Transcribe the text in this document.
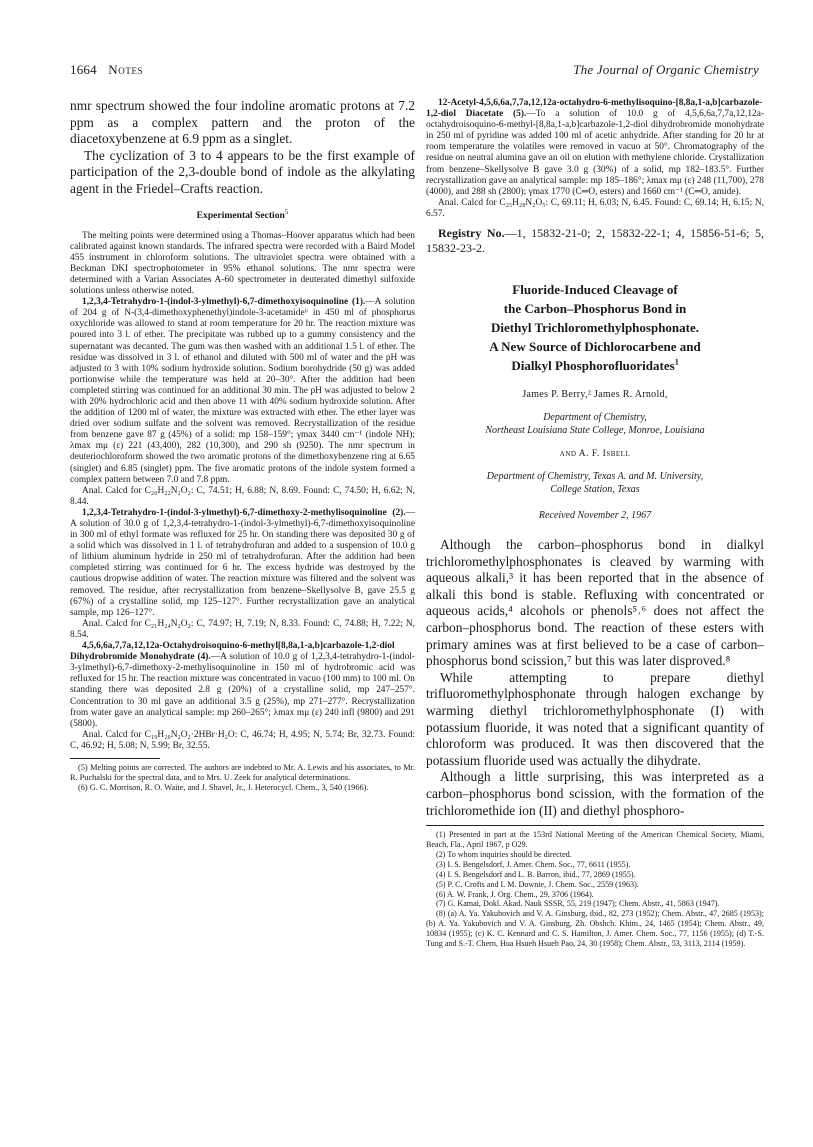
1664 Notes	The Journal of Organic Chemistry

nmr spectrum showed the four indoline aromatic protons at 7.2 ppm as a complex pattern and the proton of the diacetoxybenzene at 6.9 ppm as a singlet.

The cyclization of 3 to 4 appears to be the first example of participation of the 2,3-double bond of indole as the alkylating agent in the Friedel–Crafts reaction.

Experimental Section$^5$

The melting points were determined using a Thomas–Hoover apparatus which had been calibrated against known standards. The infrared spectra were recorded with a Baird Model 455 instrument in chloroform solutions. The ultraviolet spectra were obtained with a Beckman DKI spectrophotometer in 95% ethanol solutions. The nmr spectra were determined with a Varian Associates A-60 spectrometer in deuterated dimethyl sulfoxide solutions unless otherwise noted.

1,2,3,4-Tetrahydro-1-(indol-3-ylmethyl)-6,7-dimethoxyisoquinoline (1).—A solution of 204 g of N-(3,4-dimethoxyphenethyl)indole-3-acetamide⁶ in 450 ml of phosphorus oxychloride was allowed to stand at room temperature for 20 hr. The reaction mixture was poured into 3 l. of ether. The precipitate was rubbed up to a gummy consistency and the supernatant was decanted. The gum was then washed with an additional 1.5 l. of ether. The residue was dissolved in 3 l. of ethanol and diluted with 500 ml of water and the pH was adjusted to 3 with 10% sodium hydroxide solution. Sodium borohydride (50 g) was added portionwise while the temperature was held at 20–30°. After the addition had been completed stirring was continued for an additional 30 min. The pH was adjusted to below 2 with 20% hydrochloric acid and then above 11 with 40% sodium hydroxide solution. After the addition of 1200 ml of water, the mixture was extracted with ether. The ether layer was dried over sodium sulfate and the solvent was removed. Recrystallization of the residue from benzene gave 87 g (45%) of a solid: mp 158–159°; γmax 3440 cm⁻¹ (indole NH); λmax mμ (ε) 221 (43,400), 282 (10,300), and 290 sh (9250). The nmr spectrum in deuteriochloroform showed the two aromatic protons of the dimethoxybenzene ring at 6.65 (singlet) and 6.85 (singlet) ppm. The five aromatic protons of the indole system formed a complex pattern between 7.0 and 7.8 ppm.

Anal. Calcd for C₂₀H₂₂N₂O₂: C, 74.51; H, 6.88; N, 8.69. Found: C, 74.50; H, 6.62; N, 8.44.

1,2,3,4-Tetrahydro-1-(indol-3-ylmethyl)-6,7-dimethoxy-2-methylisoquinoline (2).—A solution of 30.0 g of 1,2,3,4-tetrahydro-1-(indol-3-ylmethyl)-6,7-dimethoxyisoquinoline in 300 ml of ethyl formate was refluxed for 25 hr. On standing there was deposited 30 g of a solid which was dissolved in 1 l. of tetrahydrofuran and added to a suspension of 10.0 g of lithium aluminum hydride in 250 ml of tetrahydrofuran. After the addition had been completed stirring was continued for 6 hr. The excess hydride was destroyed by the cautious dropwise addition of water. The reaction mixture was filtered and the solvent was removed. The residue, after recrystallization from benzene–Skellysolve B, gave 25.5 g (67%) of a crystalline solid, mp 125–127°. Further recrystallization gave an analytical sample, mp 126–127°.

Anal. Calcd for C₂₁H₂₄N₂O₂: C, 74.97; H, 7.19; N, 8.33. Found: C, 74.88; H, 7.22; N, 8.54.

4,5,6,6a,7,7a,12,12a-Octahydroisoquino-6-methyl[8,8a,1-a,b]carbazole-1,2-diol Dihydrobromide Monohydrate (4).—A solution of 10.0 g of 1,2,3,4-tetrahydro-1-(indol-3-ylmethyl)-6,7-dimethoxy-2-methylisoquinoline in 150 ml of hydrobromic acid was refluxed for 15 hr. The reaction mixture was concentrated in vacuo (100 mm) to 100 ml. On standing there was deposited 2.8 g (20%) of a crystalline solid, mp 247–257°. Concentration to 30 ml gave an additional 3.5 g (25%), mp 271–277°. Recrystallization from water gave an analytical sample: mp 260–265°; λmax mμ (ε) 240 infl (9800) and 291 (5800).

Anal. Calcd for C₁₉H₂₀N₂O₂·2HBr·H₂O: C, 46.74; H, 4.95; N, 5.74; Br, 32.73. Found: C, 46.92; H, 5.08; N, 5.99; Br, 32.55.

(5) Melting points are corrected. The authors are indebted to Mr. A. Lewis and his associates, to Mr. R. Puchalski for the spectral data, and to Mrs. U. Zeek for analytical determinations.

(6) G. C. Morrison, R. O. Waite, and J. Shavel, Jr., J. Heterocycl. Chem., 3, 540 (1966).

12-Acetyl-4,5,6,6a,7,7a,12,12a-octahydro-6-methylisoquino-[8,8a,1-a,b]carbazole-1,2-diol Diacetate (5).—To a solution of 10.0 g of 4,5,6,6a,7,7a,12,12a-octahydroisoquino-6-methyl-[8,8a,1-a,b]carbazole-1,2-diol dihydrobromide monohydrate in 250 ml of pyridine was added 100 ml of acetic anhydride. After standing for 20 hr at room temperature the volatiles were removed in vacuo at 50°. Chromatography of the residue on neutral alumina gave an oil on elution with methylene chloride. Crystallization from benzene–Skellysolve B gave 3.0 g (30%) of a solid, mp 182–183.5°. Further recrystallization gave an analytical sample: mp 185–186°; λmax mμ (ε) 248 (11,700), 278 (4000), and 288 sh (2800); γmax 1770 (C═O, esters) and 1660 cm⁻¹ (C═O, amide).

Anal. Calcd for C₂₅H₂₈N₂O₅: C, 69.11; H, 6.03; N, 6.45. Found: C, 69.14; H, 6.15; N, 6.57.

Registry No.—1, 15832-21-0; 2, 15832-22-1; 4, 15856-51-6; 5, 15832-23-2.

Fluoride-Induced Cleavage of
the Carbon–Phosphorus Bond in
Diethyl Trichloromethylphosphonate.
A New Source of Dichlorocarbene and
Dialkyl Phosphorofluoridates$^1$
James P. Berry,² James R. Arnold,
Department of Chemistry,
Northeast Louisiana State College, Monroe, Louisiana
and A. F. Isbell
Department of Chemistry, Texas A. and M. University,
College Station, Texas
Received November 2, 1967

Although the carbon–phosphorus bond in dialkyl trichloromethylphosphonates is cleaved by warming with aqueous alkali,³ it has been reported that in the absence of alkali this bond is stable. Refluxing with concentrated or aqueous acids,⁴ alcohols or phenols⁵˒⁶ does not affect the carbon–phosphorus bond. The reaction of these esters with primary amines was at first believed to be a case of carbon–phosphorus bond scission,⁷ but this was later disproved.⁸

While attempting to prepare diethyl trifluoromethylphosphonate through halogen exchange by warming diethyl trichloromethylphosphonate (I) with potassium fluoride, it was noted that a significant quantity of chloroform was produced. It was then discovered that the potassium fluoride used was actually the dihydrate.

Although a little surprising, this was interpreted as a carbon–phosphorus bond scission, with the formation of the trichloromethide ion (II) and diethyl phosphoro-

(1) Presented in part at the 153rd National Meeting of the American Chemical Society, Miami, Beach, Fla., April 1967, p O29.

(2) To whom inquiries should be directed.

(3) I. S. Bengelsdorf, J. Amer. Chem. Soc., 77, 6611 (1955).

(4) I. S. Bengelsdorf and L. B. Barron, ibid., 77, 2869 (1955).

(5) P. C. Crofts and I. M. Downie, J. Chem. Soc., 2559 (1963).

(6) A. W. Frank, J. Org. Chem., 29, 3706 (1964).

(7) G. Kamai, Dokl. Akad. Nauk SSSR, 55, 219 (1947); Chem. Abstr., 41, 5863 (1947).

(8) (a) A. Ya. Yakubovich and V. A. Ginsburg, ibid., 82, 273 (1952); Chem. Abstr., 47, 2685 (1953); (b) A. Ya. Yakubovich and V. A. Ginsburg, Zh. Obshch. Khim., 24, 1465 (1954); Chem. Abstr., 49, 10834 (1955); (c) K. C. Kennard and C. S. Hamilton, J. Amer. Chem. Soc., 77, 1156 (1955); (d) T.-S. Tung and S.-T. Chern, Hua Hsueh Hsueh Pao, 24, 30 (1958); Chem. Abstr., 53, 3113, 2114 (1959).
